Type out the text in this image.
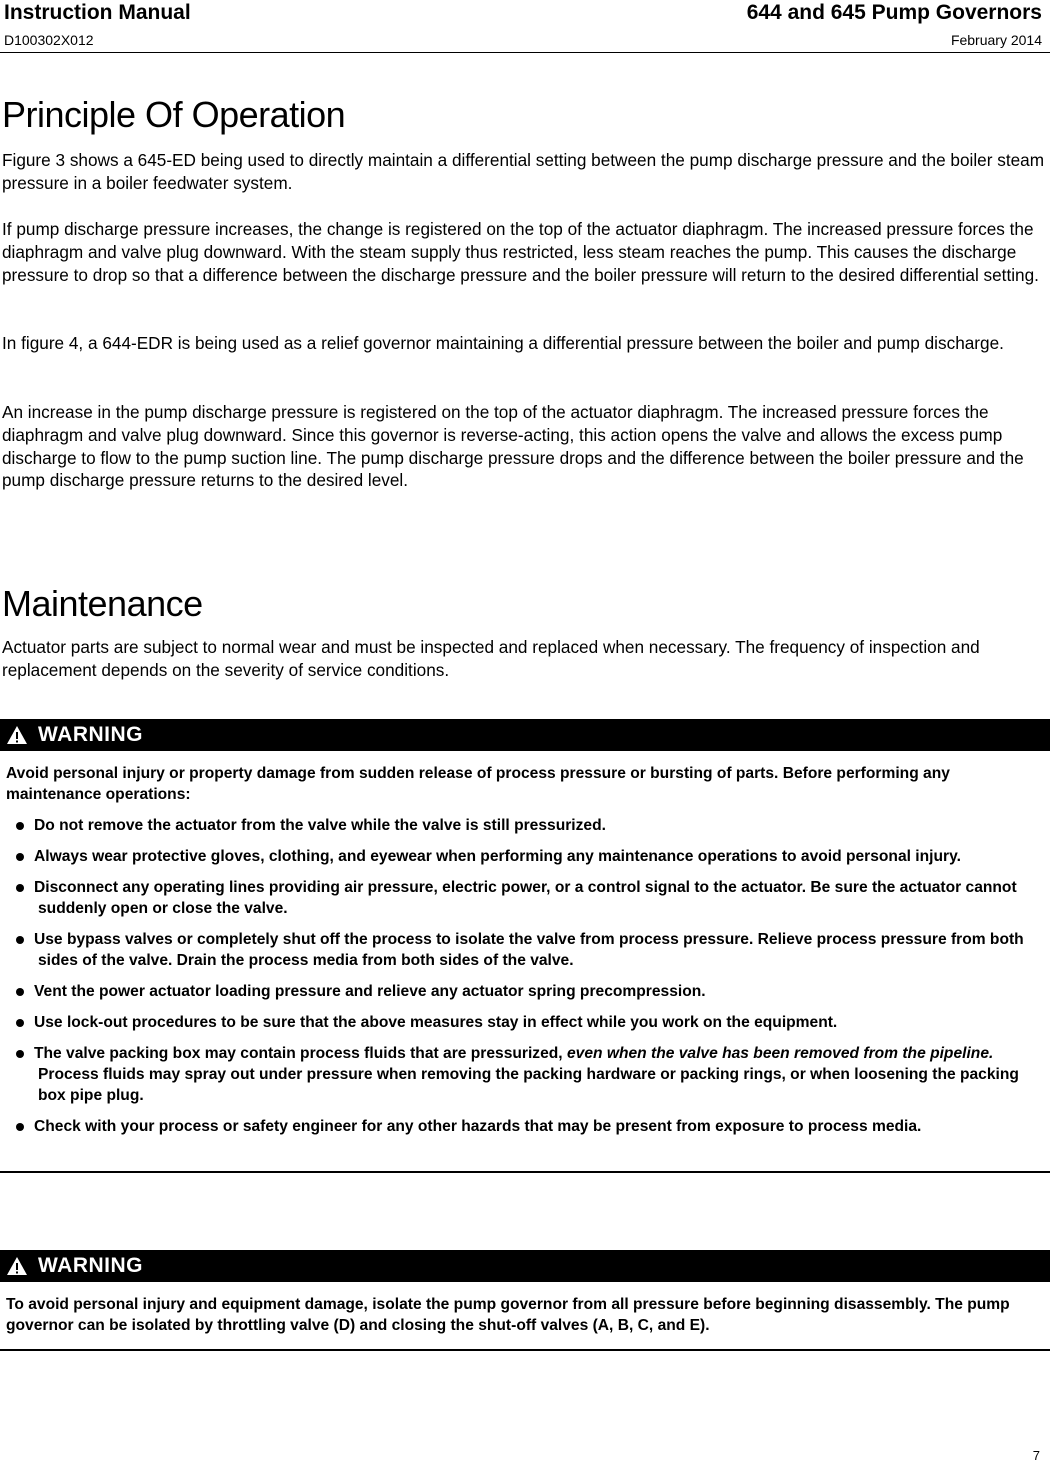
Instruction Manual
D100302X012
644 and 645 Pump Governors
February 2014
Principle Of Operation
Figure 3 shows a 645-ED being used to directly maintain a differential setting between the pump discharge pressure and the boiler steam pressure in a boiler feedwater system.
If pump discharge pressure increases, the change is registered on the top of the actuator diaphragm. The increased pressure forces the diaphragm and valve plug downward. With the steam supply thus restricted, less steam reaches the pump. This causes the discharge pressure to drop so that a difference between the discharge pressure and the boiler pressure will return to the desired differential setting.
In figure 4, a 644-EDR is being used as a relief governor maintaining a differential pressure between the boiler and pump discharge.
An increase in the pump discharge pressure is registered on the top of the actuator diaphragm. The increased pressure forces the diaphragm and valve plug downward. Since this governor is reverse-acting, this action opens the valve and allows the excess pump discharge to flow to the pump suction line. The pump discharge pressure drops and the difference between the boiler pressure and the pump discharge pressure returns to the desired level.
Maintenance
Actuator parts are subject to normal wear and must be inspected and replaced when necessary. The frequency of inspection and replacement depends on the severity of service conditions.
WARNING
Avoid personal injury or property damage from sudden release of process pressure or bursting of parts. Before performing any maintenance operations:
Do not remove the actuator from the valve while the valve is still pressurized.
Always wear protective gloves, clothing, and eyewear when performing any maintenance operations to avoid personal injury.
Disconnect any operating lines providing air pressure, electric power, or a control signal to the actuator. Be sure the actuator cannot suddenly open or close the valve.
Use bypass valves or completely shut off the process to isolate the valve from process pressure. Relieve process pressure from both sides of the valve. Drain the process media from both sides of the valve.
Vent the power actuator loading pressure and relieve any actuator spring precompression.
Use lock-out procedures to be sure that the above measures stay in effect while you work on the equipment.
The valve packing box may contain process fluids that are pressurized, even when the valve has been removed from the pipeline. Process fluids may spray out under pressure when removing the packing hardware or packing rings, or when loosening the packing box pipe plug.
Check with your process or safety engineer for any other hazards that may be present from exposure to process media.
WARNING
To avoid personal injury and equipment damage, isolate the pump governor from all pressure before beginning disassembly. The pump governor can be isolated by throttling valve (D) and closing the shut-off valves (A, B, C, and E).
7
